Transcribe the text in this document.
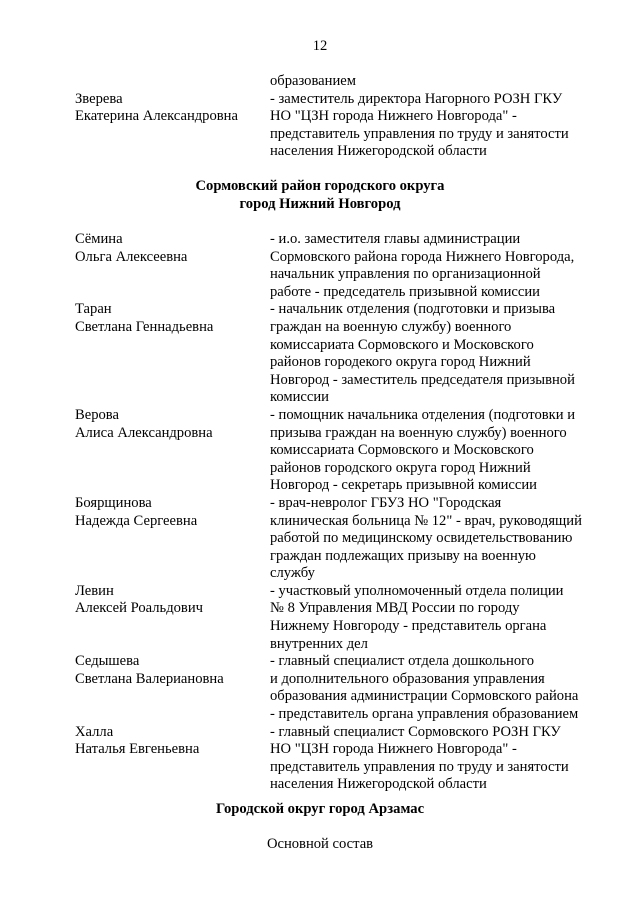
12
образованием
Зверева
Екатерина Александровна
- заместитель директора Нагорного РОЗН ГКУ
НО "ЦЗН города Нижнего Новгорода" -
представитель управления по труду и занятости
населения Нижегородской области
Сормовский район городского округа
город Нижний Новгород
Сёмина
Ольга Алексеевна
- и.о. заместителя главы администрации
Сормовского района города Нижнего Новгорода,
начальник управления по организационной
работе - председатель призывной комиссии
Таран
Светлана Геннадьевна
- начальник отделения (подготовки и призыва
граждан на военную службу) военного
комиссариата Сормовского и Московского
районов городекого округа город Нижний
Новгород - заместитель председателя призывной
комиссии
Верова
Алиса Александровна
- помощник начальника отделения (подготовки и
призыва граждан на военную службу) военного
комиссариата Сормовского и Московского
районов городского округа город Нижний
Новгород - секретарь призывной комиссии
Боярщинова
Надежда Сергеевна
- врач-невролог ГБУЗ НО "Городская
клиническая больница № 12" - врач, руководящий
работой по медицинскому освидетельствованию
граждан подлежащих призыву на военную
службу
Левин
Алексей Роальдович
- участковый уполномоченный отдела полиции
№ 8 Управления МВД России по городу
Нижнему Новгороду - представитель органа
внутренних дел
Седышева
Светлана Валериановна
- главный специалист отдела дошкольного
и дополнительного образования управления
образования администрации Сормовского района
- представитель органа управления образованием
Халла
Наталья Евгеньевна
- главный специалист Сормовского РОЗН ГКУ
НО "ЦЗН города Нижнего Новгорода" -
представитель управления по труду и занятости
населения Нижегородской области
Городской округ город Арзамас
Основной состав
